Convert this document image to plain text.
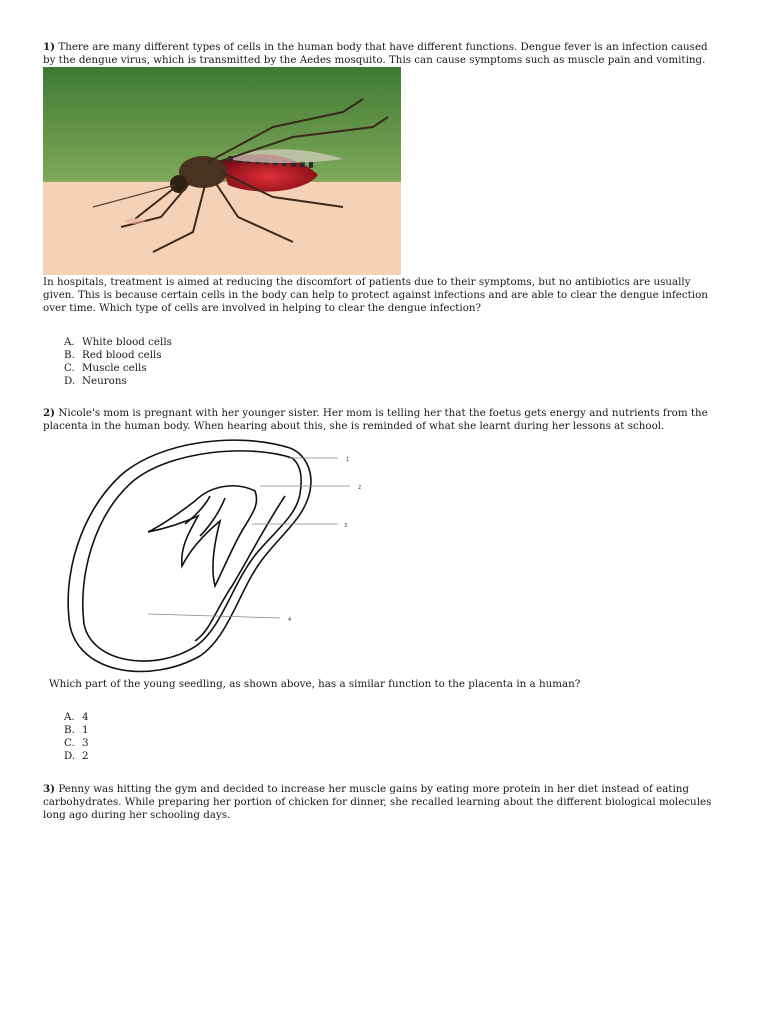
1) There are many different types of cells in the human body that have different functions. Dengue fever is an infection caused by the dengue virus, which is transmitted by the Aedes mosquito. This can cause symptoms such as muscle pain and vomiting.

In hospitals, treatment is aimed at reducing the discomfort of patients due to their symptoms, but no antibiotics are usually given. This is because certain cells in the body can help to protect against infections and are able to clear the dengue infection over time. Which type of cells are involved in helping to clear the dengue infection?

A. White blood cells
B. Red blood cells
C. Muscle cells
D. Neurons

2) Nicole's mom is pregnant with her younger sister. Her mom is telling her that the foetus gets energy and nutrients from the placenta in the human body. When hearing about this, she is reminded of what she learnt during her lessons at school.

1
2
3
4

Which part of the young seedling, as shown above, has a similar function to the placenta in a human?

A. 4
B. 1
C. 3
D. 2

3) Penny was hitting the gym and decided to increase her muscle gains by eating more protein in her diet instead of eating carbohydrates. While preparing her portion of chicken for dinner, she recalled learning about the different biological molecules long ago during her schooling days.
